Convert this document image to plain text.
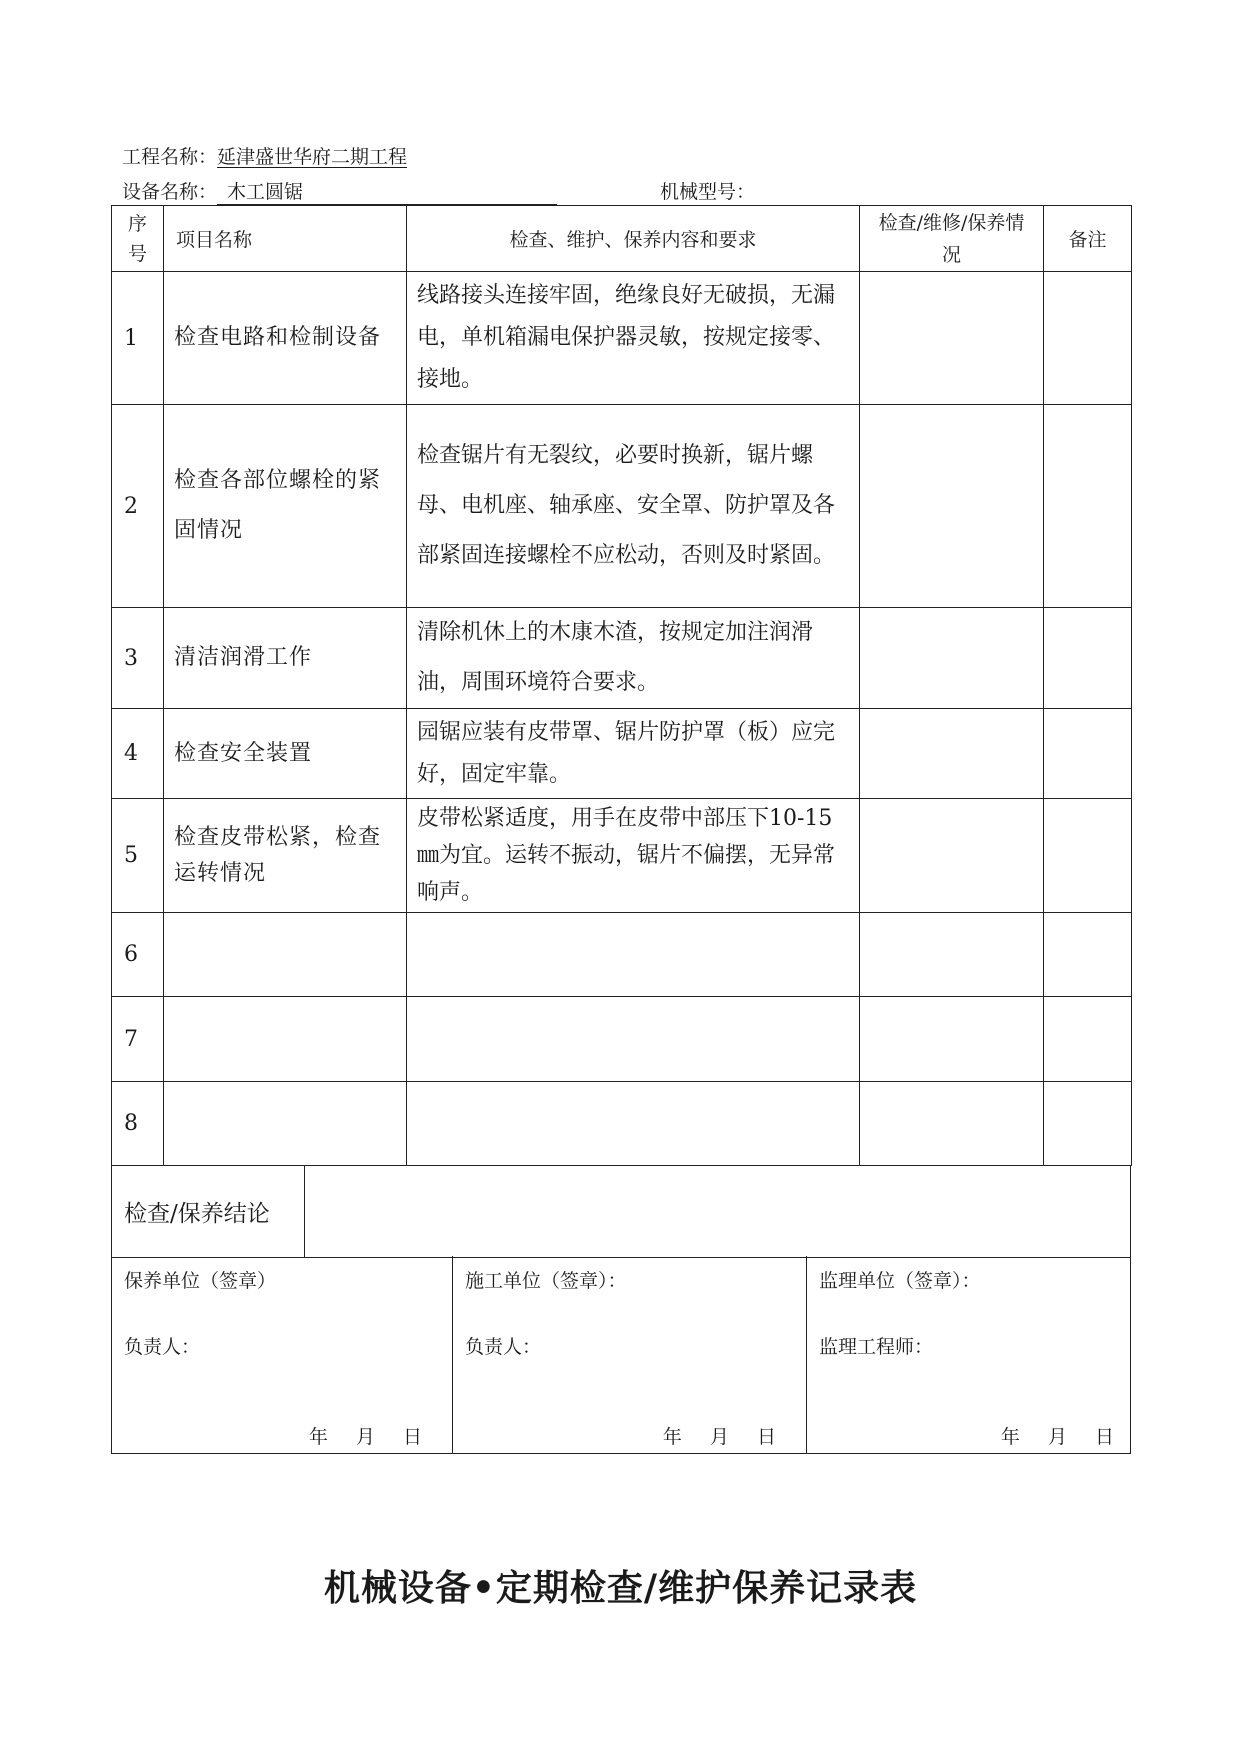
工程名称：延津盛世华府二期工程
设备名称： 木工圆锯	机械型号：
序号	项目名称	检查、维护、保养内容和要求	检查/维修/保养情况	备注
1	检查电路和检制设备	线路接头连接牢固，绝缘良好无破损，无漏电，单机箱漏电保护器灵敏，按规定接零、接地。		
2	检查各部位螺栓的紧固情况	检查锯片有无裂纹，必要时换新，锯片螺母、电机座、轴承座、安全罩、防护罩及各部紧固连接螺栓不应松动，否则及时紧固。		
3	清洁润滑工作	清除机休上的木康木渣，按规定加注润滑油，周围环境符合要求。		
4	检查安全装置	园锯应装有皮带罩、锯片防护罩（板）应完好，固定牢靠。		
5	检查皮带松紧，检查运转情况	皮带松紧适度，用手在皮带中部压下10-15㎜为宜。运转不振动，锯片不偏摆，无异常响声。		
6				
7				
8				
检查/保养结论	
保养单位（签章）
负责人：
年 月 日

施工单位（签章）：
负责人：
年 月 日

监理单位（签章）：
监理工程师：
年 月 日
机械设备•定期检查/维护保养记录表
